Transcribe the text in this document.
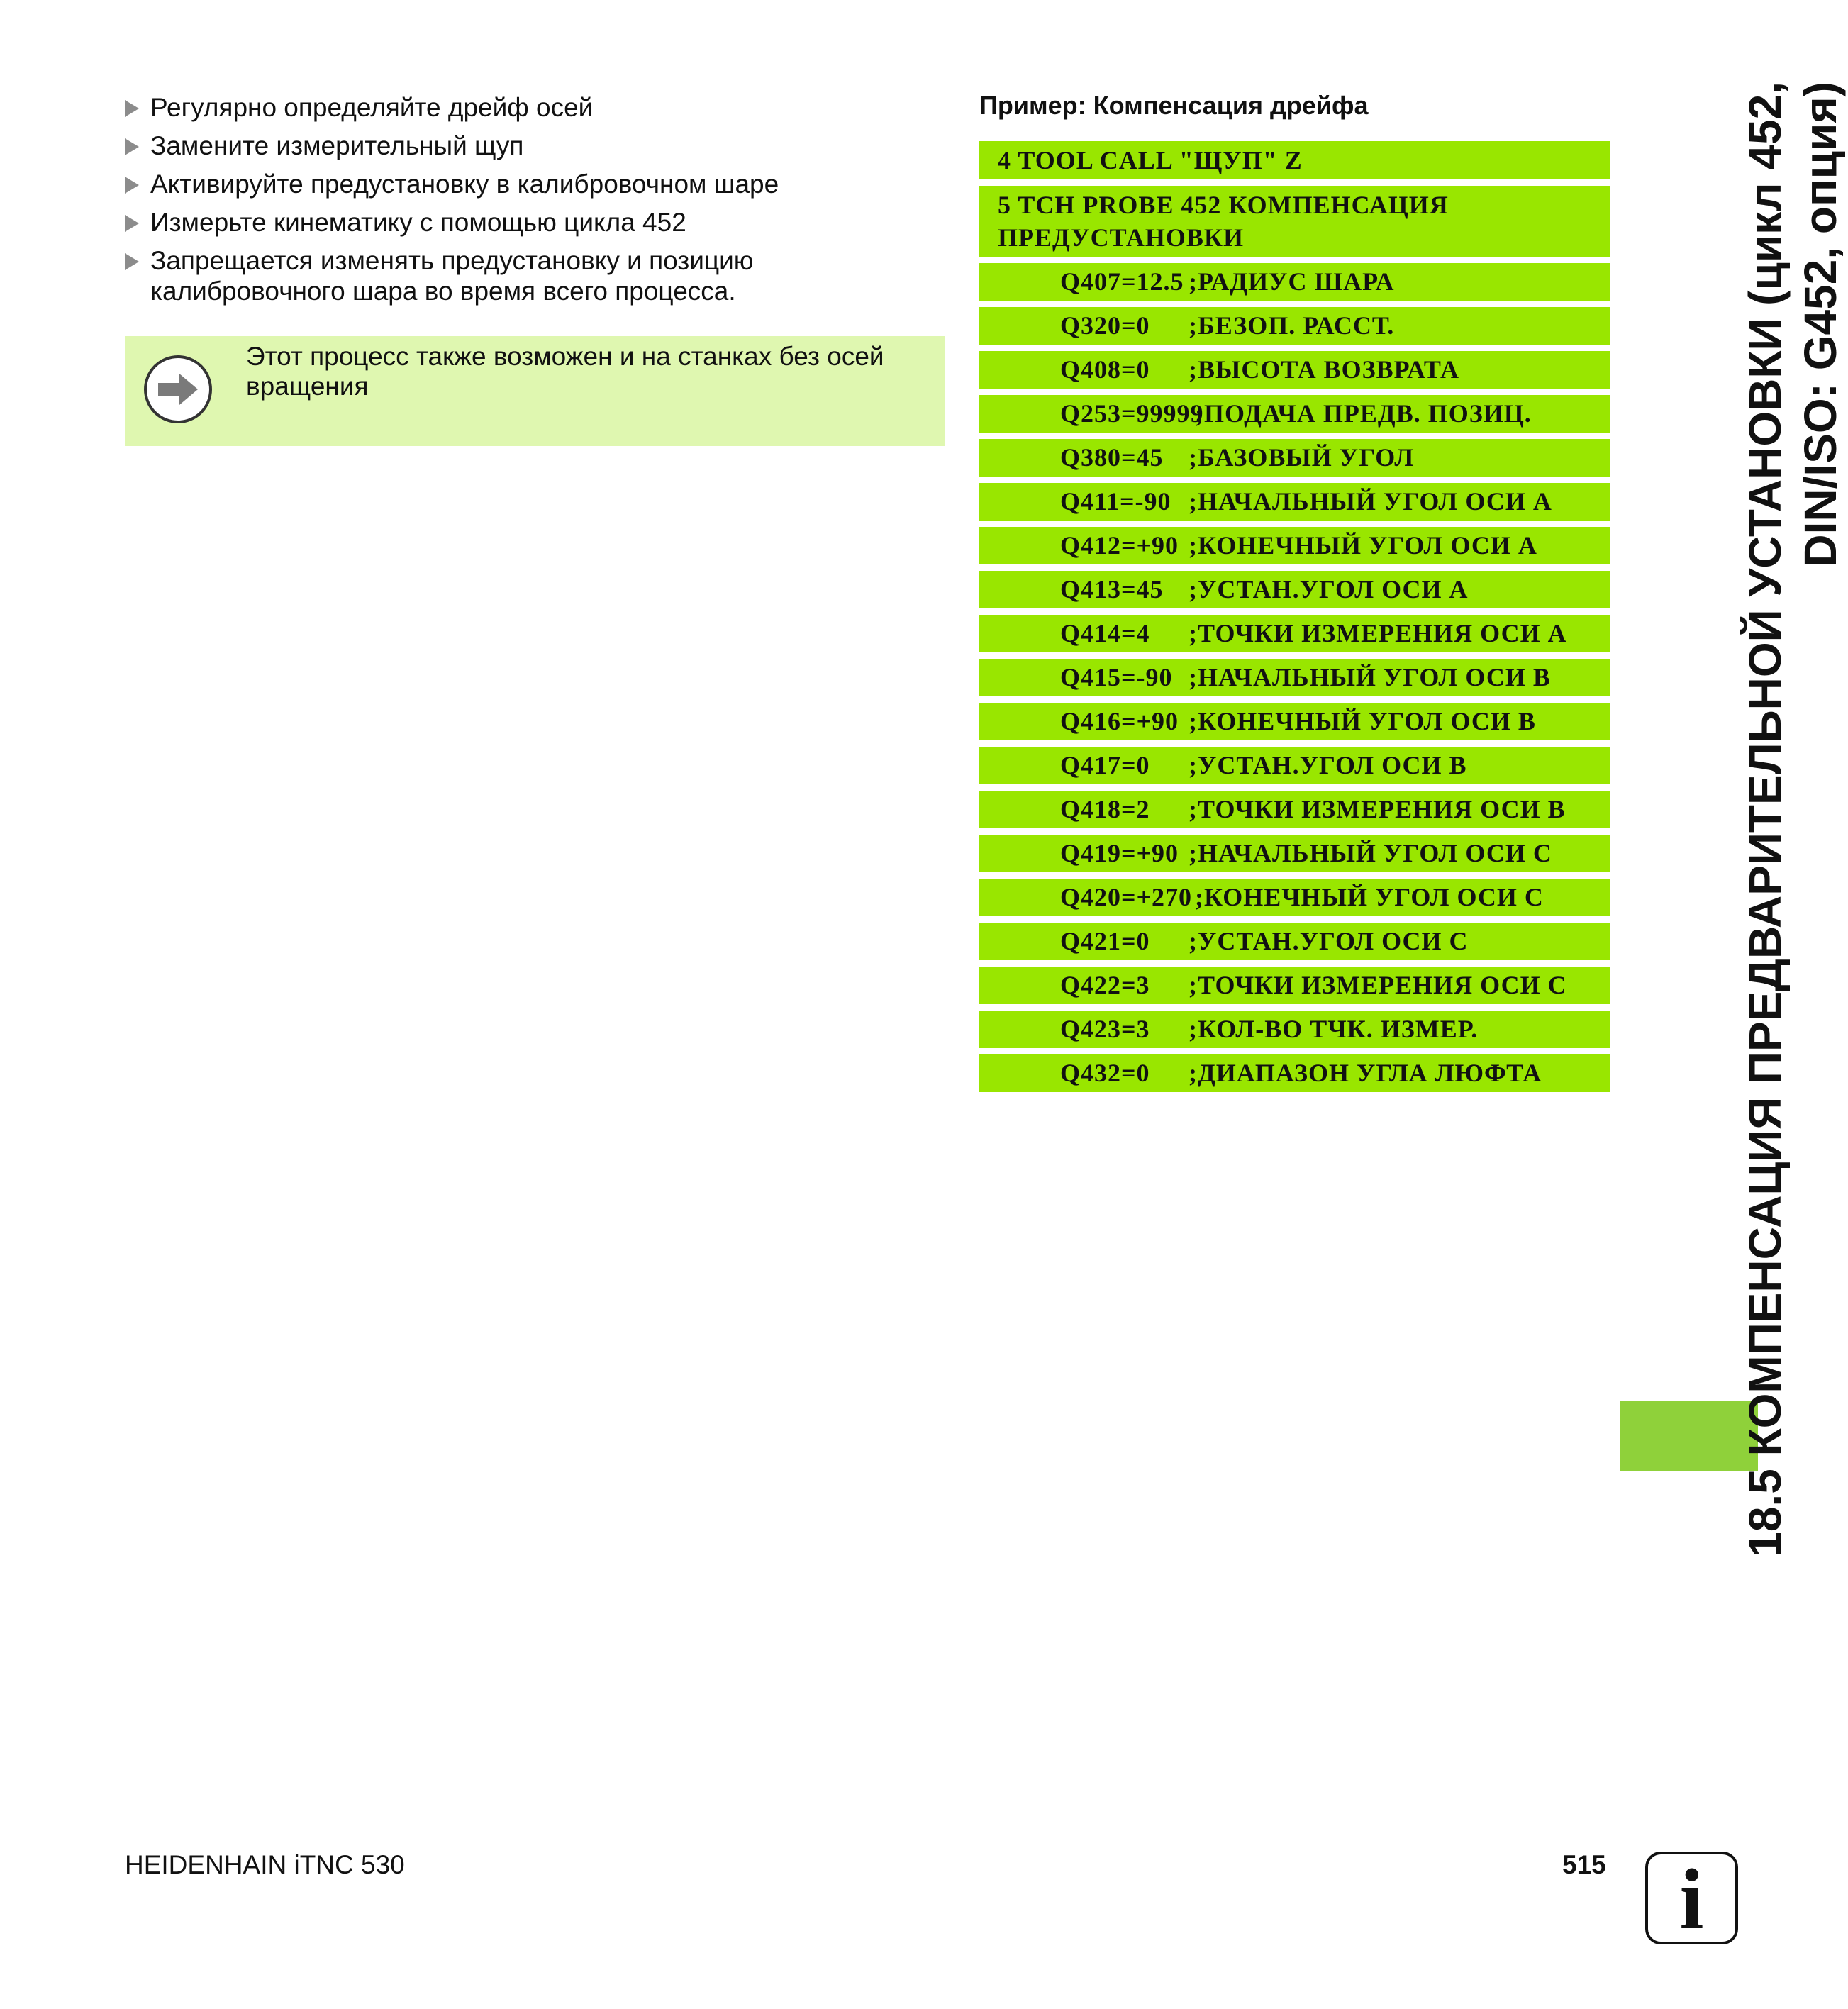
Регулярно определяйте дрейф осей
Замените измерительный щуп
Активируйте предустановку в калибровочном шаре
Измерьте кинематику с помощью цикла 452
Запрещается изменять предустановку и позицию калибровочного шара во время всего процесса.
Этот процесс также возможен и на станках без осей вращения
Пример: Компенсация дрейфа
4 TOOL CALL "ЩУП" Z
5 TCH PROBE 452 КОМПЕНСАЦИЯ ПРЕДУСТАНОВКИ
Q407=12.5 ;РАДИУС ШАРА
Q320=0 ;БЕЗОП. РАССТ.
Q408=0 ;ВЫСОТА ВОЗВРАТА
Q253=99999
;ПОДАЧА ПРЕДВ. ПОЗИЦ.
Q380=45 ;БАЗОВЫЙ УГОЛ
Q411=-90 ;НАЧАЛЬНЫЙ УГОЛ ОСИ A
Q412=+90 ;КОНЕЧНЫЙ УГОЛ ОСИ A
Q413=45 ;УСТАН.УГОЛ ОСИ A
Q414=4 ;ТОЧКИ ИЗМЕРЕНИЯ ОСИ A
Q415=-90 ;НАЧАЛЬНЫЙ УГОЛ ОСИ B
Q416=+90 ;КОНЕЧНЫЙ УГОЛ ОСИ B
Q417=0 ;УСТАН.УГОЛ ОСИ B
Q418=2 ;ТОЧКИ ИЗМЕРЕНИЯ ОСИ B
Q419=+90 ;НАЧАЛЬНЫЙ УГОЛ ОСИ C
Q420=+270 ;КОНЕЧНЫЙ УГОЛ ОСИ C
Q421=0 ;УСТАН.УГОЛ ОСИ C
Q422=3 ;ТОЧКИ ИЗМЕРЕНИЯ ОСИ C
Q423=3 ;КОЛ-ВО ТЧК. ИЗМЕР.
Q432=0 ;ДИАПАЗОН УГЛА ЛЮФТА	18.5 КОМПЕНСАЦИЯ ПРЕДВАРИТЕЛЬНОЙ УСТАНОВКИ (цикл 452, DIN/ISO: G452, опция)
HEIDENHAIN iTNC 530	515 i
